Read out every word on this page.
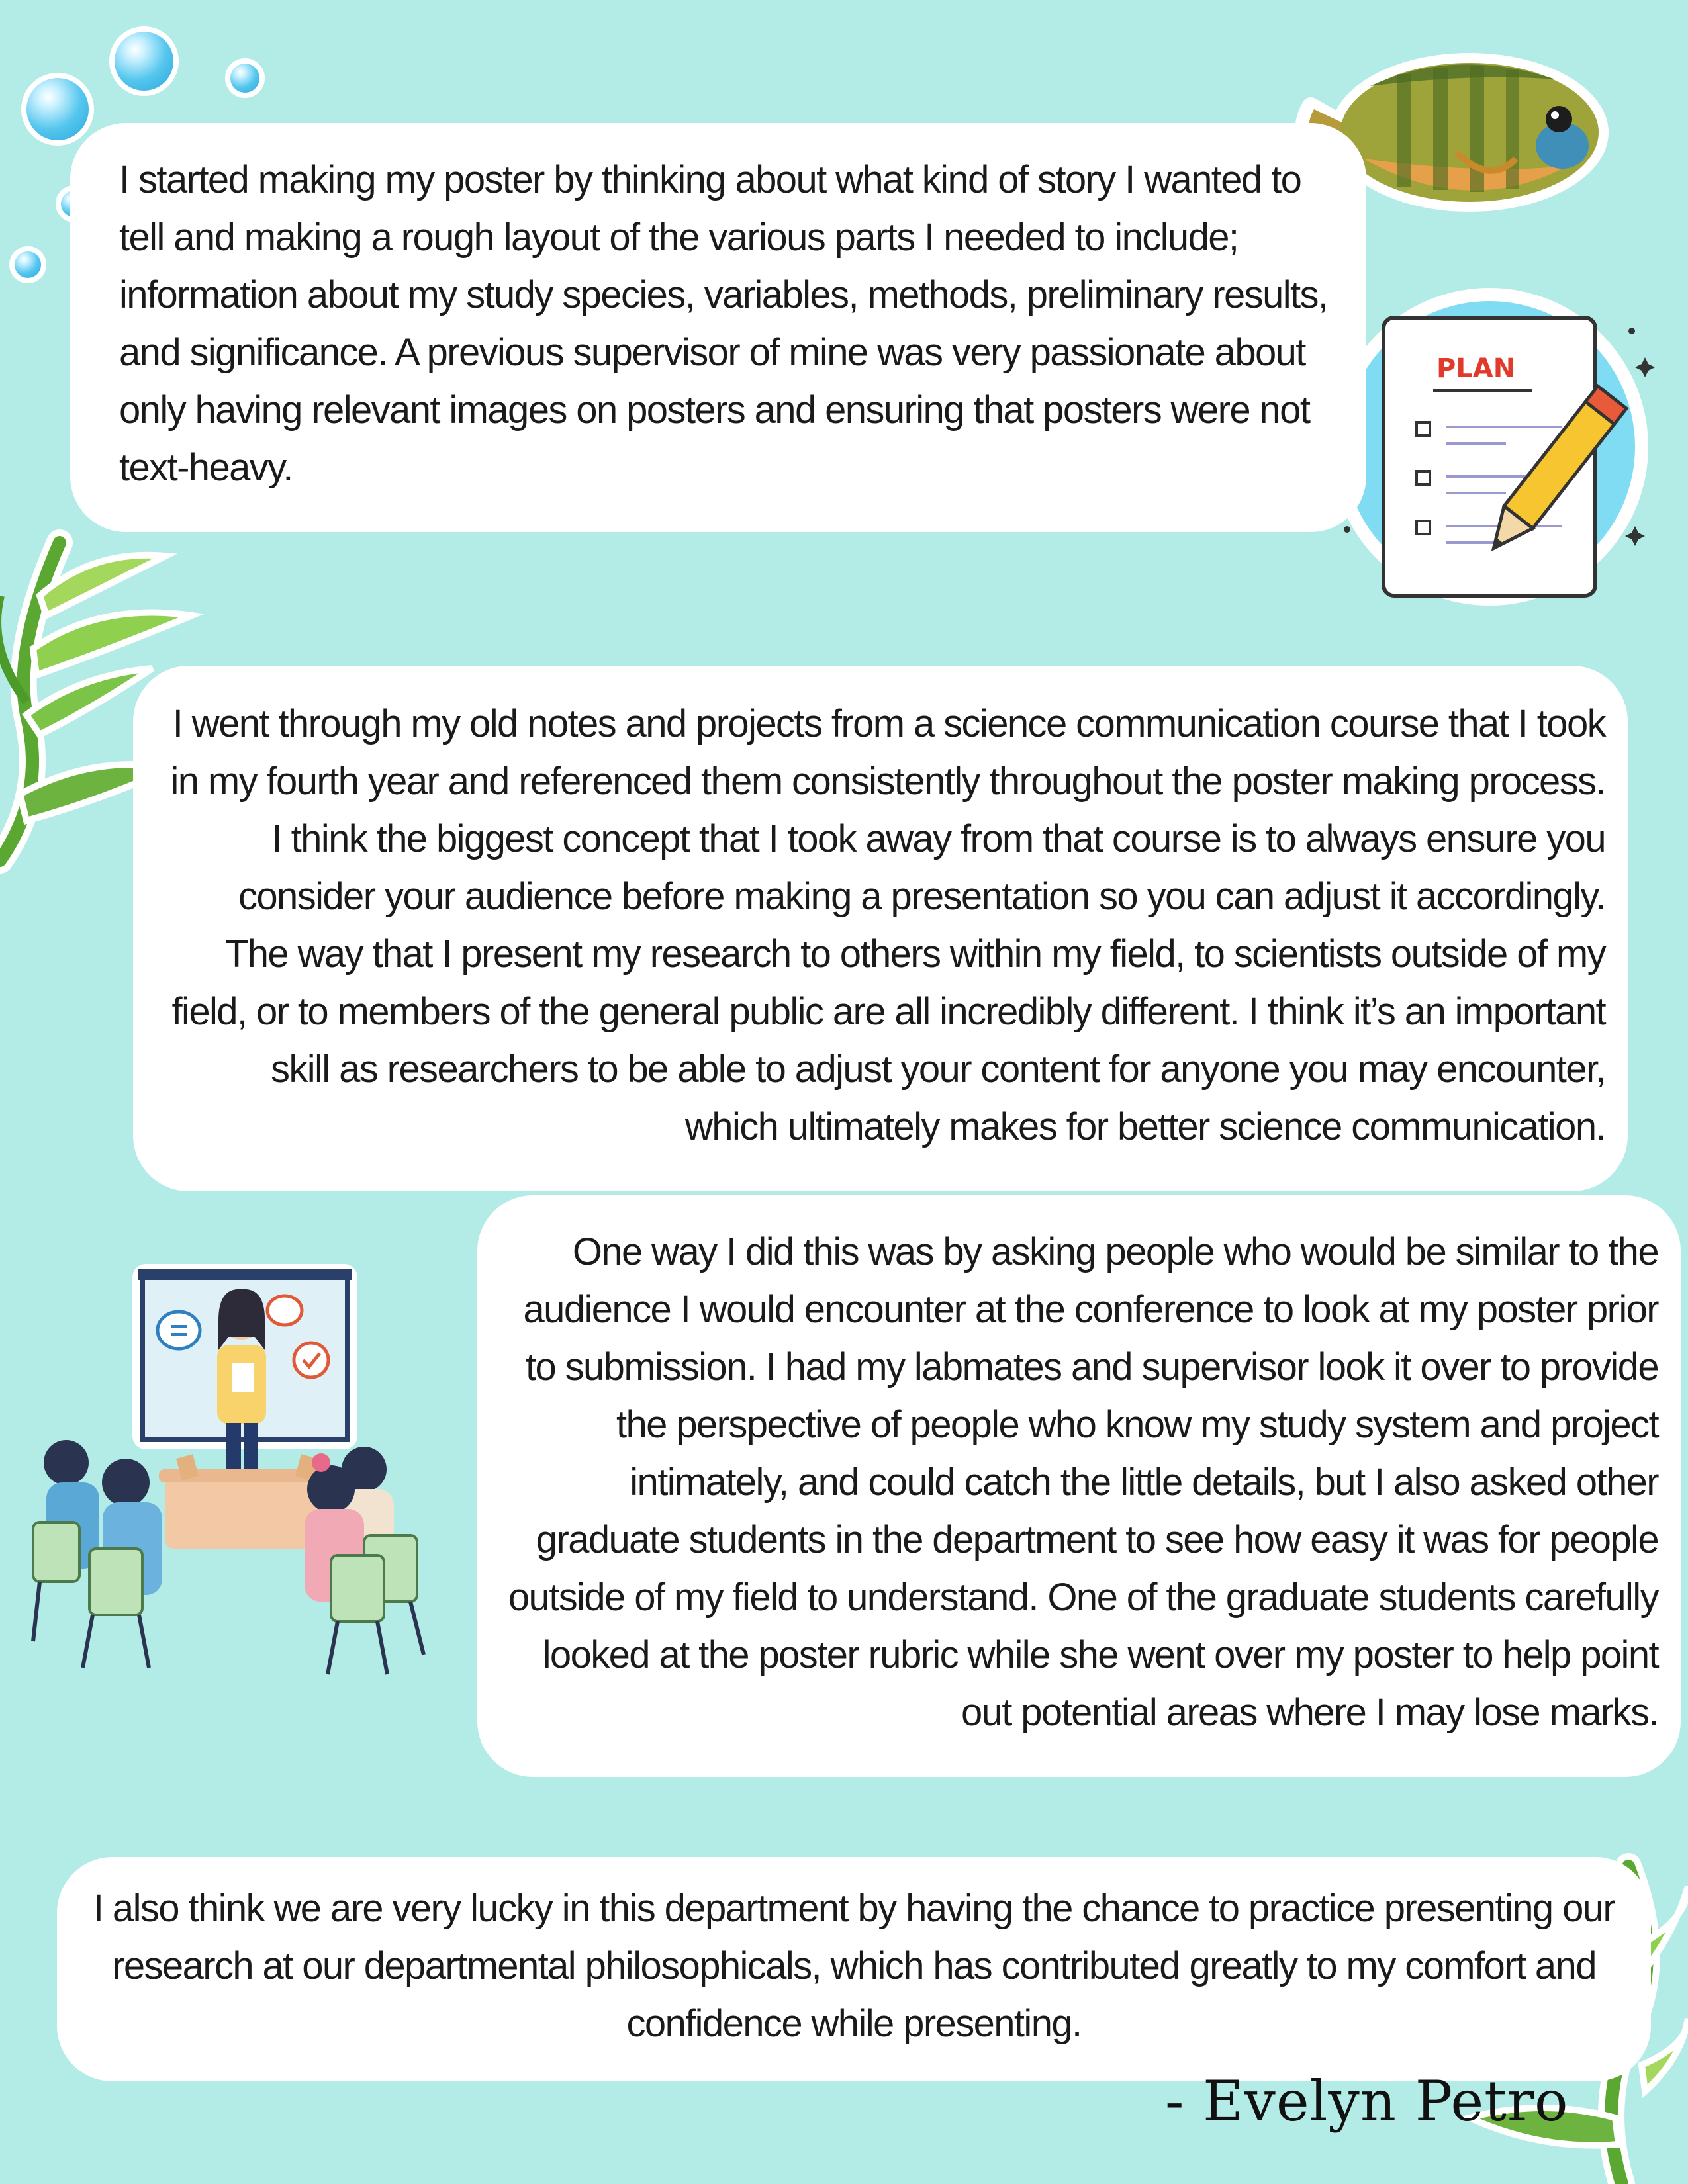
PLAN

I started making my poster by thinking about what kind of story I wanted to tell and making a rough layout of the various parts I needed to include; information about my study species, variables, methods, preliminary results, and significance. A previous supervisor of mine was very passionate about only having relevant images on posters and ensuring that posters were not text-heavy.

I went through my old notes and projects from a science communication course that I took in my fourth year and referenced them consistently throughout the poster making process. I think the biggest concept that I took away from that course is to always ensure you consider your audience before making a presentation so you can adjust it accordingly. The way that I present my research to others within my field, to scientists outside of my field, or to members of the general public are all incredibly different. I think it’s an important skill as researchers to be able to adjust your content for anyone you may encounter, which ultimately makes for better science communication.

One way I did this was by asking people who would be similar to the audience I would encounter at the conference to look at my poster prior to submission. I had my labmates and supervisor look it over to provide the perspective of people who know my study system and project intimately, and could catch the little details, but I also asked other graduate students in the department to see how easy it was for people outside of my field to understand. One of the graduate students carefully looked at the poster rubric while she went over my poster to help point out potential areas where I may lose marks.

I also think we are very lucky in this department by having the chance to practice presenting our research at our departmental philosophicals, which has contributed greatly to my comfort and confidence while presenting.

- Evelyn Petro
